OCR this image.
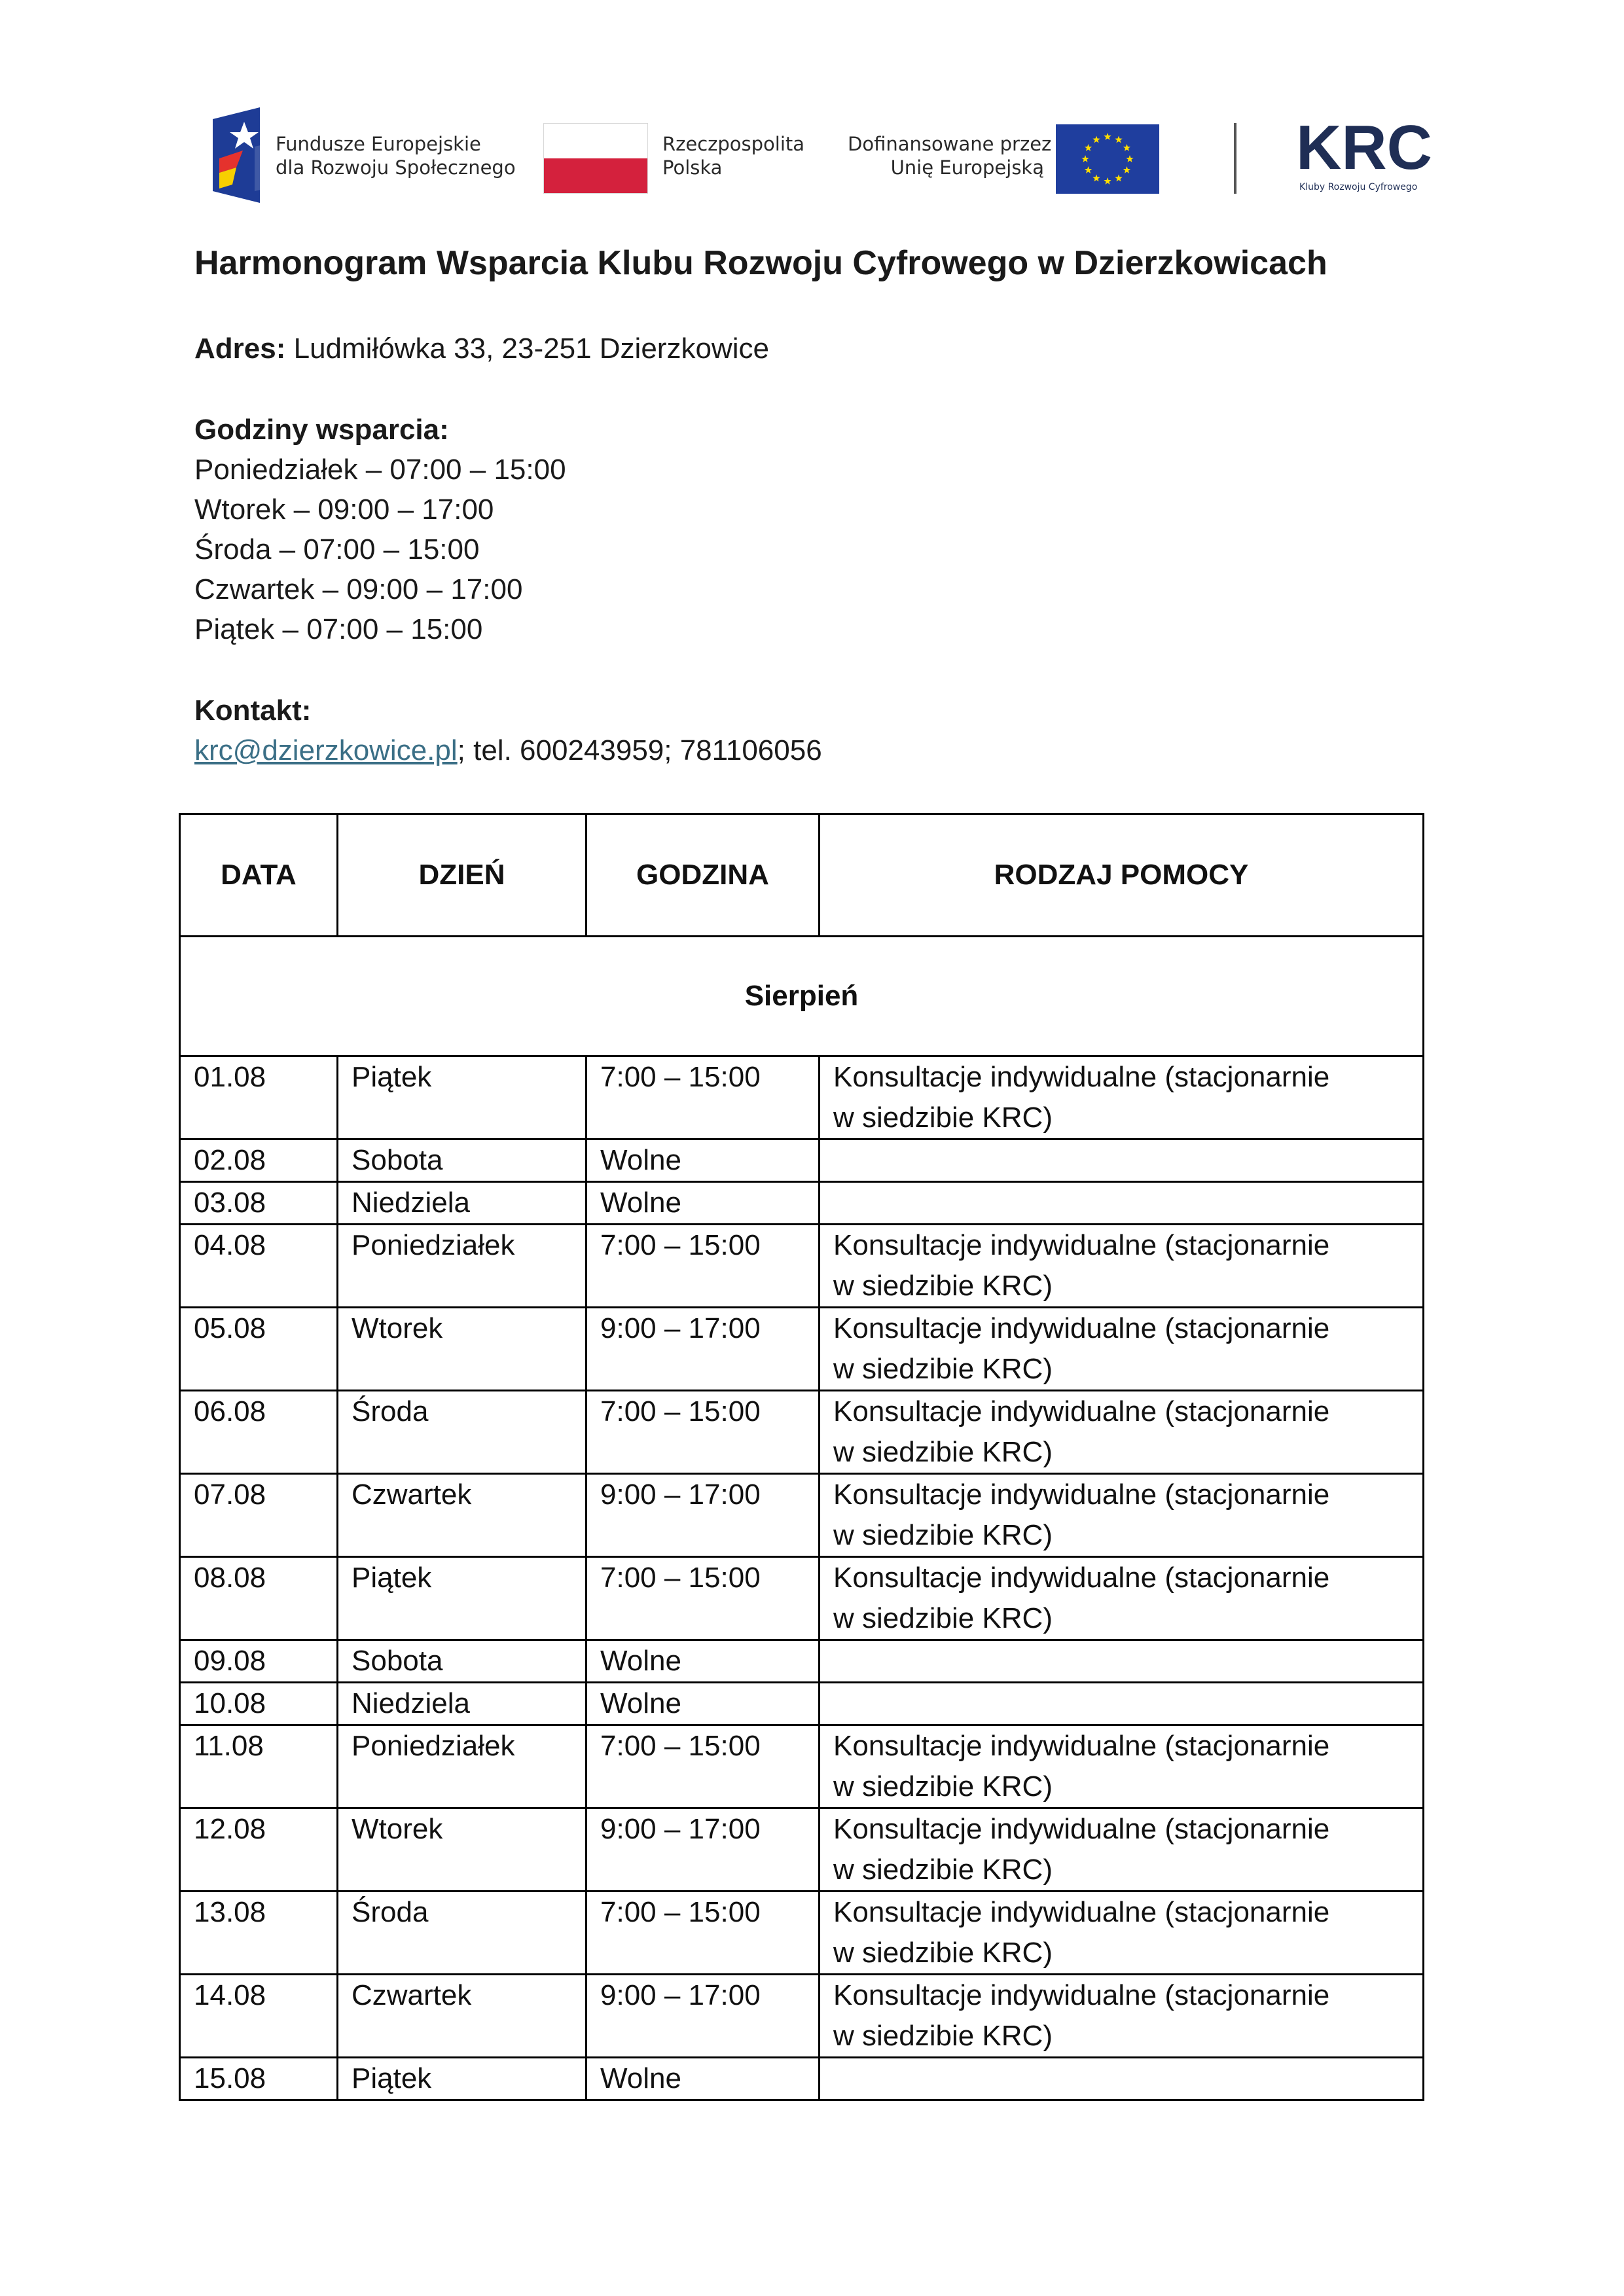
Fundusze Europejskie
dla Rozwoju Społecznego
Rzeczpospolita
Polska
Dofinansowane przez
Unię Europejską	KRC
Kluby Rozwoju Cyfrowego
Harmonogram Wsparcia Klubu Rozwoju Cyfrowego w Dzierzkowicach
Adres: Ludmiłówka 33, 23-251 Dzierzkowice
Godziny wsparcia:
Poniedziałek – 07:00 – 15:00
Wtorek – 09:00 – 17:00
Środa – 07:00 – 15:00
Czwartek – 09:00 – 17:00
Piątek – 07:00 – 15:00
Kontakt:
krc@dzierzkowice.pl; tel. 600243959; 781106056
DATA	DZIEŃ	GODZINA	RODZAJ POMOCY
Sierpień			
01.08	Piątek	7:00 – 15:00	Konsultacje indywidualne (stacjonarnie
w siedzibie KRC)

02.08	Sobota	Wolne	
03.08	Niedziela	Wolne	
04.08	Poniedziałek	7:00 – 15:00	Konsultacje indywidualne (stacjonarnie
w siedzibie KRC)

05.08	Wtorek	9:00 – 17:00	Konsultacje indywidualne (stacjonarnie
w siedzibie KRC)

06.08	Środa	7:00 – 15:00	Konsultacje indywidualne (stacjonarnie
w siedzibie KRC)

07.08	Czwartek	9:00 – 17:00	Konsultacje indywidualne (stacjonarnie
w siedzibie KRC)

08.08	Piątek	7:00 – 15:00	Konsultacje indywidualne (stacjonarnie
w siedzibie KRC)

09.08	Sobota	Wolne	
10.08	Niedziela	Wolne	
11.08	Poniedziałek	7:00 – 15:00	Konsultacje indywidualne (stacjonarnie
w siedzibie KRC)

12.08	Wtorek	9:00 – 17:00	Konsultacje indywidualne (stacjonarnie
w siedzibie KRC)

13.08	Środa	7:00 – 15:00	Konsultacje indywidualne (stacjonarnie
w siedzibie KRC)

14.08	Czwartek	9:00 – 17:00	Konsultacje indywidualne (stacjonarnie
w siedzibie KRC)

15.08	Piątek	Wolne	
